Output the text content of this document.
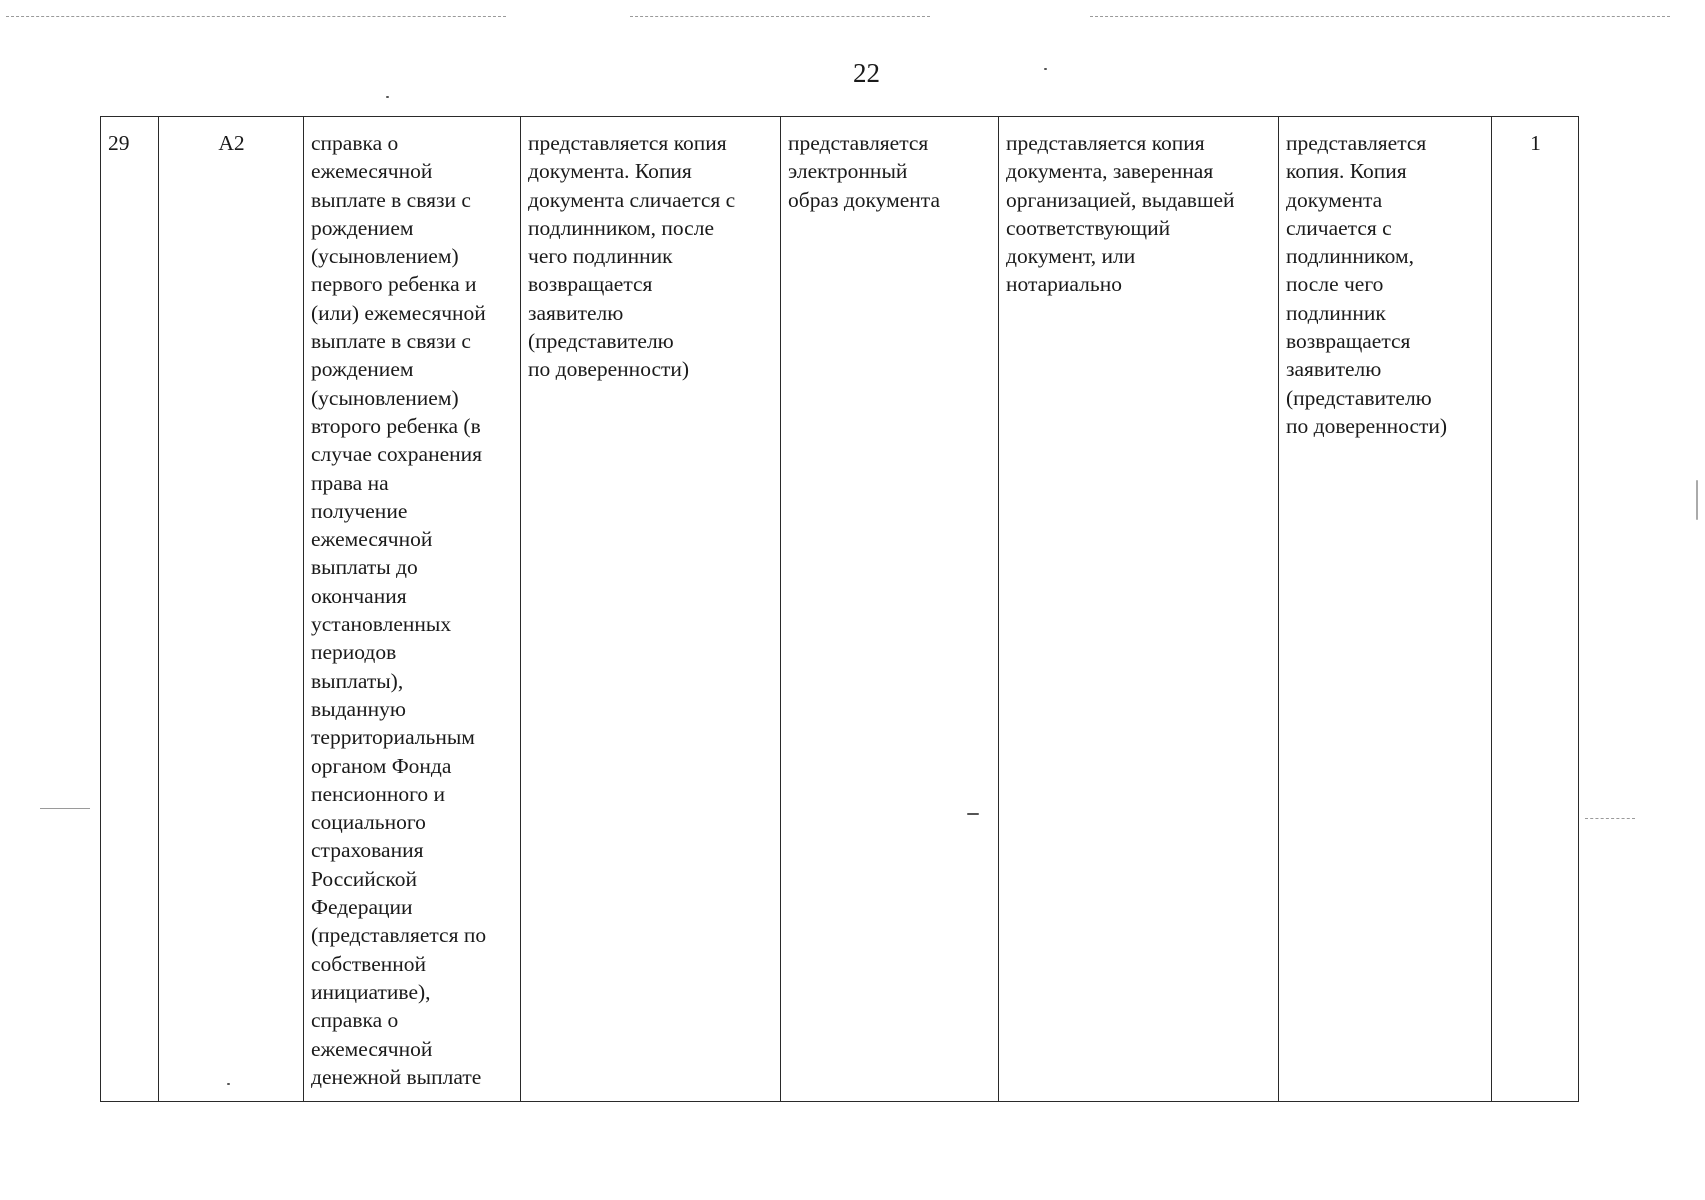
22
29	А2	справка о
ежемесячной
выплате в связи с
рождением
(усыновлением)
первого ребенка и
(или) ежемесячной
выплате в связи с
рождением
(усыновлением)
второго ребенка (в
случае сохранения
права на
получение
ежемесячной
выплаты до
окончания
установленных
периодов
выплаты),
выданную
территориальным
органом Фонда
пенсионного и
социального
страхования
Российской
Федерации
(представляется по
собственной
инициативе),
справка о
ежемесячной
денежной выплате	представляется копия
документа. Копия
документа сличается с
подлинником, после
чего подлинник
возвращается
заявителю
(представителю
по доверенности)	представляется
электронный
образ документа	представляется копия
документа, заверенная
организацией, выдавшей
соответствующий
документ, или
нотариально	представляется
копия. Копия
документа
сличается с
подлинником,
после чего
подлинник
возвращается
заявителю
(представителю
по доверенности)	1
